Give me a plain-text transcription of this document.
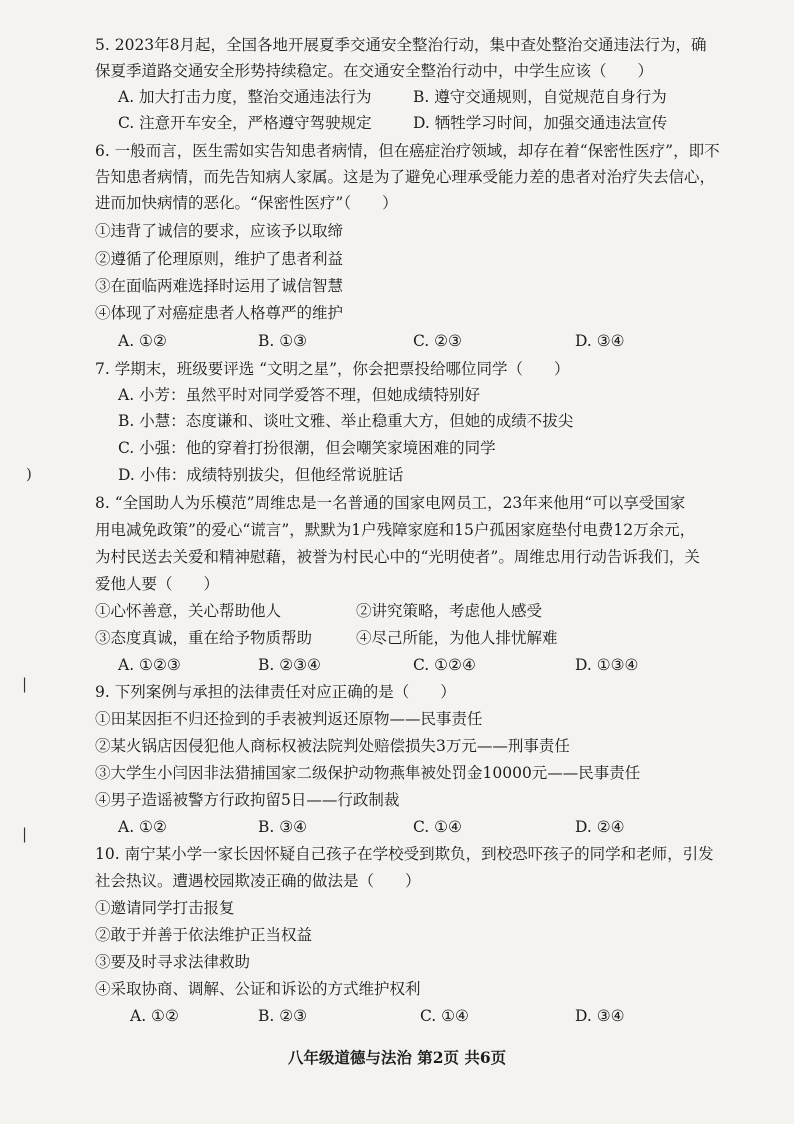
5. 2023年8月起，全国各地开展夏季交通安全整治行动，集中查处整治交通违法行为，确
保夏季道路交通安全形势持续稳定。在交通安全整治行动中，中学生应该（　　）
A. 加大打击力度，整治交通违法行为	B. 遵守交通规则，自觉规范自身行为
C. 注意开车安全，严格遵守驾驶规定	D. 牺牲学习时间，加强交通违法宣传
6. 一般而言，医生需如实告知患者病情，但在癌症治疗领域，却存在着“保密性医疗”，即不
告知患者病情，而先告知病人家属。这是为了避免心理承受能力差的患者对治疗失去信心，
进而加快病情的恶化。“保密性医疗”（　　）
①违背了诚信的要求，应该予以取缔
②遵循了伦理原则，维护了患者利益
③在面临两难选择时运用了诚信智慧
④体现了对癌症患者人格尊严的维护
A. ①②	B. ①③	C. ②③	D. ③④
7. 学期末，班级要评选 “文明之星”，你会把票投给哪位同学（　　）
A. 小芳：虽然平时对同学爱答不理，但她成绩特别好
B. 小慧：态度谦和、谈吐文雅、举止稳重大方，但她的成绩不拔尖
C. 小强：他的穿着打扮很潮，但会嘲笑家境困难的同学
D. 小伟：成绩特别拔尖，但他经常说脏话
8. “全国助人为乐模范”周维忠是一名普通的国家电网员工，23年来他用“可以享受国家
用电减免政策”的爱心“谎言”，默默为1户残障家庭和15户孤困家庭垫付电费12万余元，
为村民送去关爱和精神慰藉，被誉为村民心中的“光明使者”。周维忠用行动告诉我们，关
爱他人要（　　）
①心怀善意，关心帮助他人	②讲究策略，考虑他人感受
③态度真诚，重在给予物质帮助	④尽己所能，为他人排忧解难
A. ①②③	B. ②③④	C. ①②④	D. ①③④
9. 下列案例与承担的法律责任对应正确的是（　　）
①田某因拒不归还捡到的手表被判返还原物——民事责任
②某火锅店因侵犯他人商标权被法院判处赔偿损失3万元——刑事责任
③大学生小闫因非法猎捕国家二级保护动物燕隼被处罚金10000元——民事责任
④男子造谣被警方行政拘留5日——行政制裁
A. ①②	B. ③④	C. ①④	D. ②④
10. 南宁某小学一家长因怀疑自己孩子在学校受到欺负，到校恐吓孩子的同学和老师，引发
社会热议。遭遇校园欺凌正确的做法是（　　）
①邀请同学打击报复
②敢于并善于依法维护正当权益
③要及时寻求法律救助
④采取协商、调解、公证和诉讼的方式维护权利
A. ①②	B. ②③	C. ①④	D. ③④
)
|
|
八年级道德与法治 第2页 共6页
